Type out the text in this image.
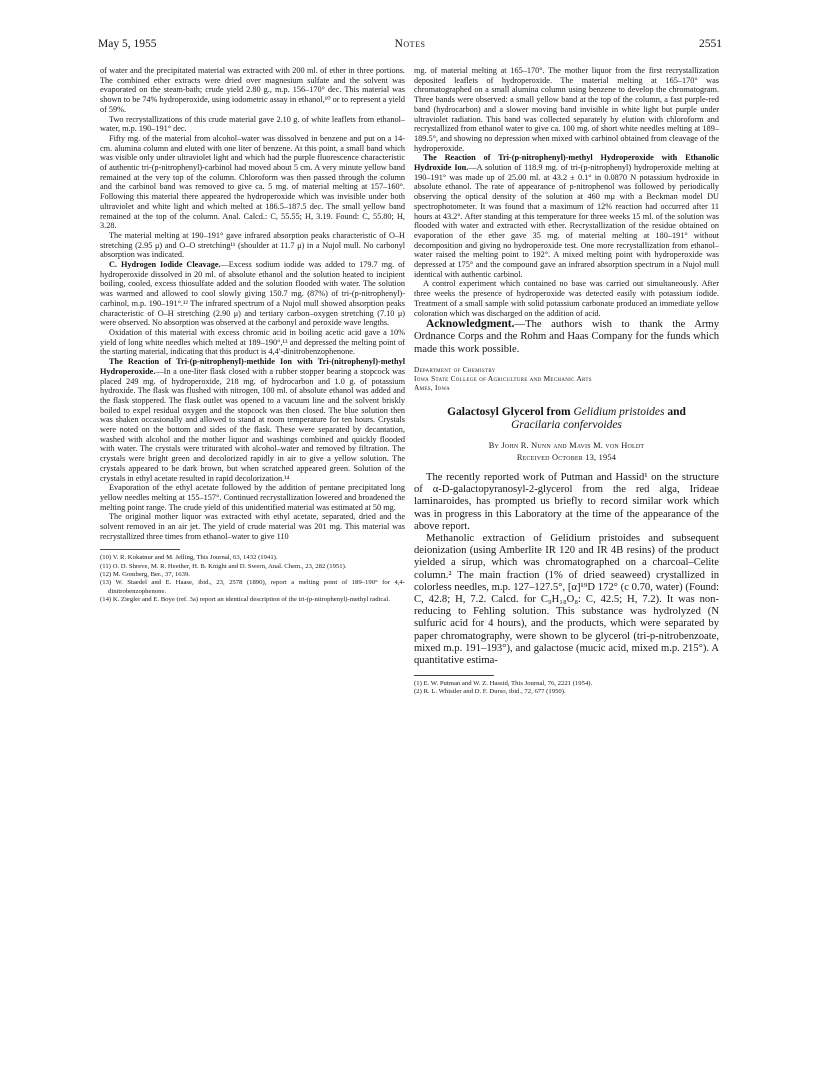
May 5, 1955	Notes	2551

of water and the precipitated material was extracted with 200 ml. of ether in three portions. The combined ether extracts were dried over magnesium sulfate and the solvent was evaporated on the steam-bath; crude yield 2.80 g., m.p. 156–170° dec. This material was shown to be 74% hydroperoxide, using iodometric assay in ethanol,¹⁰ or to represent a yield of 59%.

Two recrystallizations of this crude material gave 2.10 g. of white leaflets from ethanol–water, m.p. 190–191° dec.

Fifty mg. of the material from alcohol–water was dissolved in benzene and put on a 14-cm. alumina column and eluted with one liter of benzene. At this point, a small band which was visible only under ultraviolet light and which had the purple fluorescence characteristic of authentic tri-(p-nitrophenyl)-carbinol had moved about 5 cm. A very minute yellow band remained at the very top of the column. Chloroform was then passed through the column and the carbinol band was removed to give ca. 5 mg. of material melting at 157–160°. Following this material there appeared the hydroperoxide which was invisible under both ultraviolet and white light and which melted at 186.5–187.5 dec. The small yellow band remained at the top of the column. Anal. Calcd.: C, 55.55; H, 3.19. Found: C, 55.80; H, 3.28.

The material melting at 190–191° gave infrared absorption peaks characteristic of O–H stretching (2.95 μ) and O–O stretching¹¹ (shoulder at 11.7 μ) in a Nujol mull. No carbonyl absorption was indicated.

C. Hydrogen Iodide Cleavage.—Excess sodium iodide was added to 179.7 mg. of hydroperoxide dissolved in 20 ml. of absolute ethanol and the solution heated to incipient boiling, cooled, excess thiosulfate added and the solution flooded with water. The solution was warmed and allowed to cool slowly giving 150.7 mg. (87%) of tri-(p-nitrophenyl)-carbinol, m.p. 190–191°.¹² The infrared spectrum of a Nujol mull showed absorption peaks characteristic of O–H stretching (2.90 μ) and tertiary carbon–oxygen stretching (7.10 μ) were observed. No absorption was observed at the carbonyl and peroxide wave lengths.

Oxidation of this material with excess chromic acid in boiling acetic acid gave a 10% yield of long white needles which melted at 189–190°,¹³ and depressed the melting point of the starting material, indicating that this product is 4,4′-dinitrobenzophenone.

The Reaction of Tri-(p-nitrophenyl)-methide Ion with Tri-(nitrophenyl)-methyl Hydroperoxide.—In a one-liter flask closed with a rubber stopper bearing a stopcock was placed 249 mg. of hydroperoxide, 218 mg. of hydrocarbon and 1.0 g. of potassium hydroxide. The flask was flushed with nitrogen, 100 ml. of absolute ethanol was added and the flask stoppered. The flask outlet was opened to a vacuum line and the solvent briskly boiled to expel residual oxygen and the stopcock was then closed. The blue solution then was shaken occasionally and allowed to stand at room temperature for ten hours. Crystals were noted on the bottom and sides of the flask. These were separated by decantation, washed with alcohol and the mother liquor and washings combined and quickly flooded with water. The crystals were triturated with alcohol–water and removed by filtration. The crystals were bright green and decolorized rapidly in air to give a yellow solution. The crystals appeared to be dark brown, but when scratched appeared green. Solution of the crystals in ethyl acetate resulted in rapid decolorization.¹⁴

Evaporation of the ethyl acetate followed by the addition of pentane precipitated long yellow needles melting at 155–157°. Continued recrystallization lowered and broadened the melting point range. The crude yield of this unidentified material was estimated at 50 mg.

The original mother liquor was extracted with ethyl acetate, separated, dried and the solvent removed in an air jet. The yield of crude material was 201 mg. This material was recrystallized three times from ethanol–water to give 110

(10) V. R. Kokatnur and M. Jelling, This Journal, 63, 1432 (1941).

(11) O. D. Shreve, M. R. Heether, H. B. Knight and D. Swern, Anal. Chem., 23, 282 (1951).

(12) M. Gomberg, Ber., 37, 1639.

(13) W. Staedel and E. Haase, ibid., 23, 2578 (1890), report a melting point of 189–190° for 4,4-dinitrobenzophenone.

(14) K. Ziegler and E. Boye (ref. 3a) report an identical description of the tri-(p-nitrophenyl)-methyl radical.

mg. of material melting at 165–170°. The mother liquor from the first recrystallization deposited leaflets of hydroperoxide. The material melting at 165–170° was chromatographed on a small alumina column using benzene to develop the chromatogram. Three bands were observed: a small yellow band at the top of the column, a fast purple-red band (hydrocarbon) and a slower moving band invisible in white light but purple under ultraviolet radiation. This band was collected separately by elution with chloroform and recrystallized from ethanol water to give ca. 100 mg. of short white needles melting at 189–189.5°, and showing no depression when mixed with carbinol obtained from cleavage of the hydroperoxide.

The Reaction of Tri-(p-nitrophenyl)-methyl Hydroperoxide with Ethanolic Hydroxide Ion.—A solution of 118.9 mg. of tri-(p-nitrophenyl) hydroperoxide melting at 190–191° was made up of 25.00 ml. at 43.2 ± 0.1° in 0.0870 N potassium hydroxide in absolute ethanol. The rate of appearance of p-nitrophenol was followed by periodically observing the optical density of the solution at 460 mμ with a Beckman model DU spectrophotometer. It was found that a maximum of 12% reaction had occurred after 11 hours at 43.2°. After standing at this temperature for three weeks 15 ml. of the solution was flooded with water and extracted with ether. Recrystallization of the residue obtained on evaporation of the ether gave 35 mg. of material melting at 180–191° without decomposition and giving no hydroperoxide test. One more recrystallization from ethanol–water raised the melting point to 192°. A mixed melting point with hydroperoxide was depressed at 175° and the compound gave an infrared absorption spectrum in a Nujol mull identical with authentic carbinol.

A control experiment which contained no base was carried out simultaneously. After three weeks the presence of hydroperoxide was detected easily with potassium iodide. Treatment of a small sample with solid potassium carbonate produced an immediate yellow coloration which was discharged on the addition of acid.

Acknowledgment.—The authors wish to thank the Army Ordnance Corps and the Rohm and Haas Company for the funds which made this work possible.

Department of Chemistry
Iowa State College of Agriculture and Mechanic Arts
Ames, Iowa
Galactosyl Glycerol from Gelidium pristoides and
Gracilaria confervoides
By John R. Nunn and Mavis M. von Holdt
Received October 13, 1954

The recently reported work of Putman and Hassid¹ on the structure of α-D-galactopyranosyl-2-glycerol from the red alga, Irideae laminaroides, has prompted us briefly to record similar work which was in progress in this Laboratory at the time of the appearance of the above report.

Methanolic extraction of Gelidium pristoides and subsequent deionization (using Amberlite IR 120 and IR 4B resins) of the product yielded a sirup, which was chromatographed on a charcoal–Celite column.² The main fraction (1% of dried seaweed) crystallized in colorless needles, m.p. 127–127.5°, [α]¹⁹D 172° (c 0.70, water) (Found: C, 42.8; H, 7.2. Calcd. for C₉H₁₈O₈: C, 42.5; H, 7.2). It was non-reducing to Fehling solution. This substance was hydrolyzed (N sulfuric acid for 4 hours), and the products, which were separated by paper chromatography, were shown to be glycerol (tri-p-nitrobenzoate, mixed m.p. 191–193°), and galactose (mucic acid, mixed m.p. 215°). A quantitative estima-

(1) E. W. Putman and W. Z. Hassid, This Journal, 76, 2221 (1954).

(2) R. L. Whistler and D. F. Durso, ibid., 72, 677 (1950).
